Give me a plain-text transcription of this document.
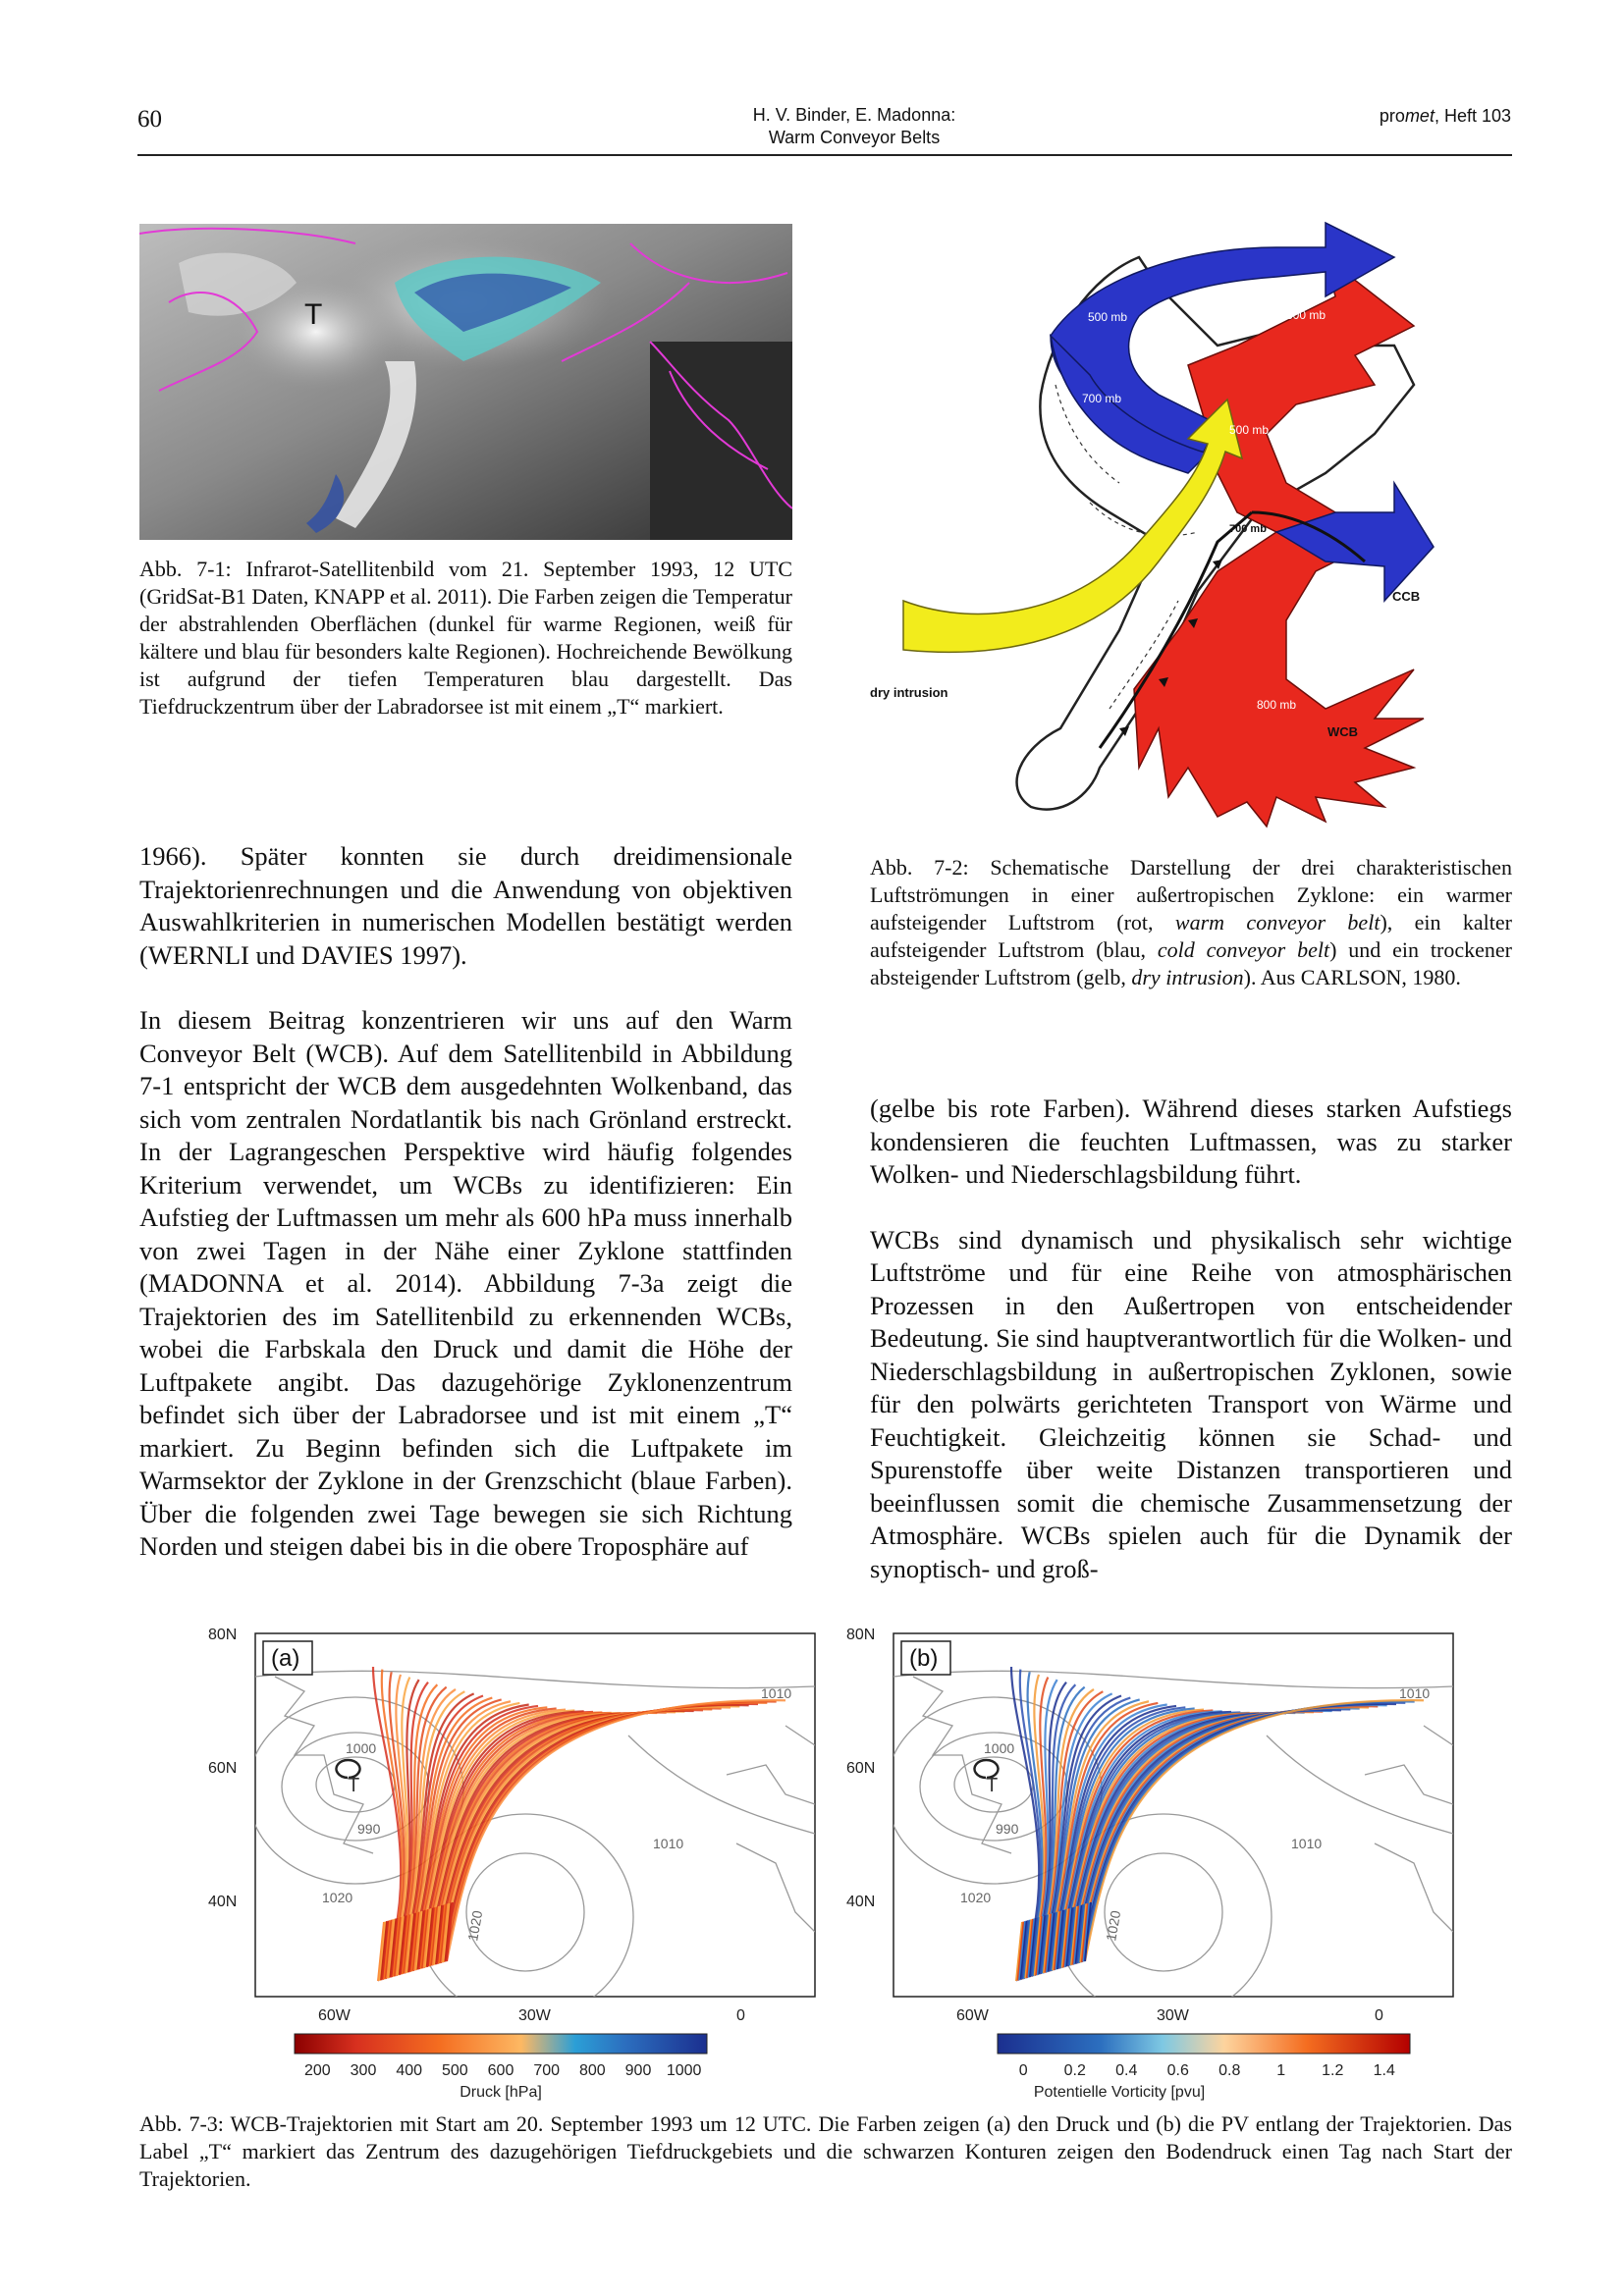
60	H. V. Binder, E. Madonna:
Warm Conveyor Belts
promet, Heft 103
T
Abb. 7-1: Infrarot-Satellitenbild vom 21. September 1993, 12 UTC (GridSat-B1 Daten, KNAPP et al. 2011). Die Farben zeigen die Temperatur der abstrahlenden Oberflächen (dunkel für warme Regionen, weiß für kältere und blau für besonders kalte Regionen). Hochreichende Bewölkung ist aufgrund der tiefen Temperaturen blau dargestellt. Das Tiefdruckzentrum über der Labradorsee ist mit einem „T“ markiert.
500 mb	300 mb
700 mb
500 mb
700 mb
800 mb
CCB
WCB
dry intrusion
Abb. 7-2: Schematische Darstellung der drei charakteristischen Luftströmungen in einer außertropischen Zyklone: ein warmer aufsteigender Luftstrom (rot, warm conveyor belt), ein kalter aufsteigender Luftstrom (blau, cold conveyor belt) und ein trockener absteigender Luftstrom (gelb, dry intrusion). Aus CARLSON, 1980.

1966). Später konnten sie durch dreidimensionale Trajektorienrechnungen und die Anwendung von objektiven Auswahlkriterien in numerischen Modellen bestätigt werden (WERNLI und DAVIES 1997).

In diesem Beitrag konzentrieren wir uns auf den Warm Conveyor Belt (WCB). Auf dem Satellitenbild in Abbildung 7-1 entspricht der WCB dem ausgedehnten Wolkenband, das sich vom zentralen Nordatlantik bis nach Grönland erstreckt. In der Lagrangeschen Perspektive wird häufig folgendes Kriterium verwendet, um WCBs zu identifizieren: Ein Aufstieg der Luftmassen um mehr als 600 hPa muss innerhalb von zwei Tagen in der Nähe einer Zyklone stattfinden (MADONNA et al. 2014). Abbildung 7-3a zeigt die Trajektorien des im Satellitenbild zu erkennenden WCBs, wobei die Farbskala den Druck und damit die Höhe der Luftpakete angibt. Das dazugehörige Zyklonenzentrum befindet sich über der Labradorsee und ist mit einem „T“ markiert. Zu Beginn befinden sich die Luftpakete im Warmsektor der Zyklone in der Grenzschicht (blaue Farben). Über die folgenden zwei Tage bewegen sie sich Richtung Norden und steigen dabei bis in die obere Troposphäre auf

(gelbe bis rote Farben). Während dieses starken Aufstiegs kondensieren die feuchten Luftmassen, was zu starker Wolken- und Niederschlagsbildung führt.

WCBs sind dynamisch und physikalisch sehr wichtige Luftströme und für eine Reihe von atmosphärischen Prozessen in den Außertropen von entscheidender Bedeutung. Sie sind hauptverantwortlich für die Wolken- und Niederschlagsbildung in außertropischen Zyklonen, sowie für den polwärts gerichteten Transport von Wärme und Feuchtigkeit. Gleichzeitig können sie Schad- und Spurenstoffe über weite Distanzen transportieren und beeinflussen somit die chemische Zusammensetzung der Atmosphäre. WCBs spielen auch für die Dynamik der synoptisch- und groß-

T
1000
990
1010
1010
1020
1020
(a)
80N
60N
40N
60W	30W	0
200 300 400 500 600 700 800 900 1000
Druck [hPa]
T
1000
990
1010
1010
1020
1020
(b)
80N
60N
40N
60W	30W	0
0 0.2 0.4 0.6 0.8 1 1.2 1.4
Potentielle Vorticity [pvu]
Abb. 7-3: WCB-Trajektorien mit Start am 20. September 1993 um 12 UTC. Die Farben zeigen (a) den Druck und (b) die PV entlang der Trajektorien. Das Label „T“ markiert das Zentrum des dazugehörigen Tiefdruckgebiets und die schwarzen Konturen zeigen den Bodendruck einen Tag nach Start der Trajektorien.
